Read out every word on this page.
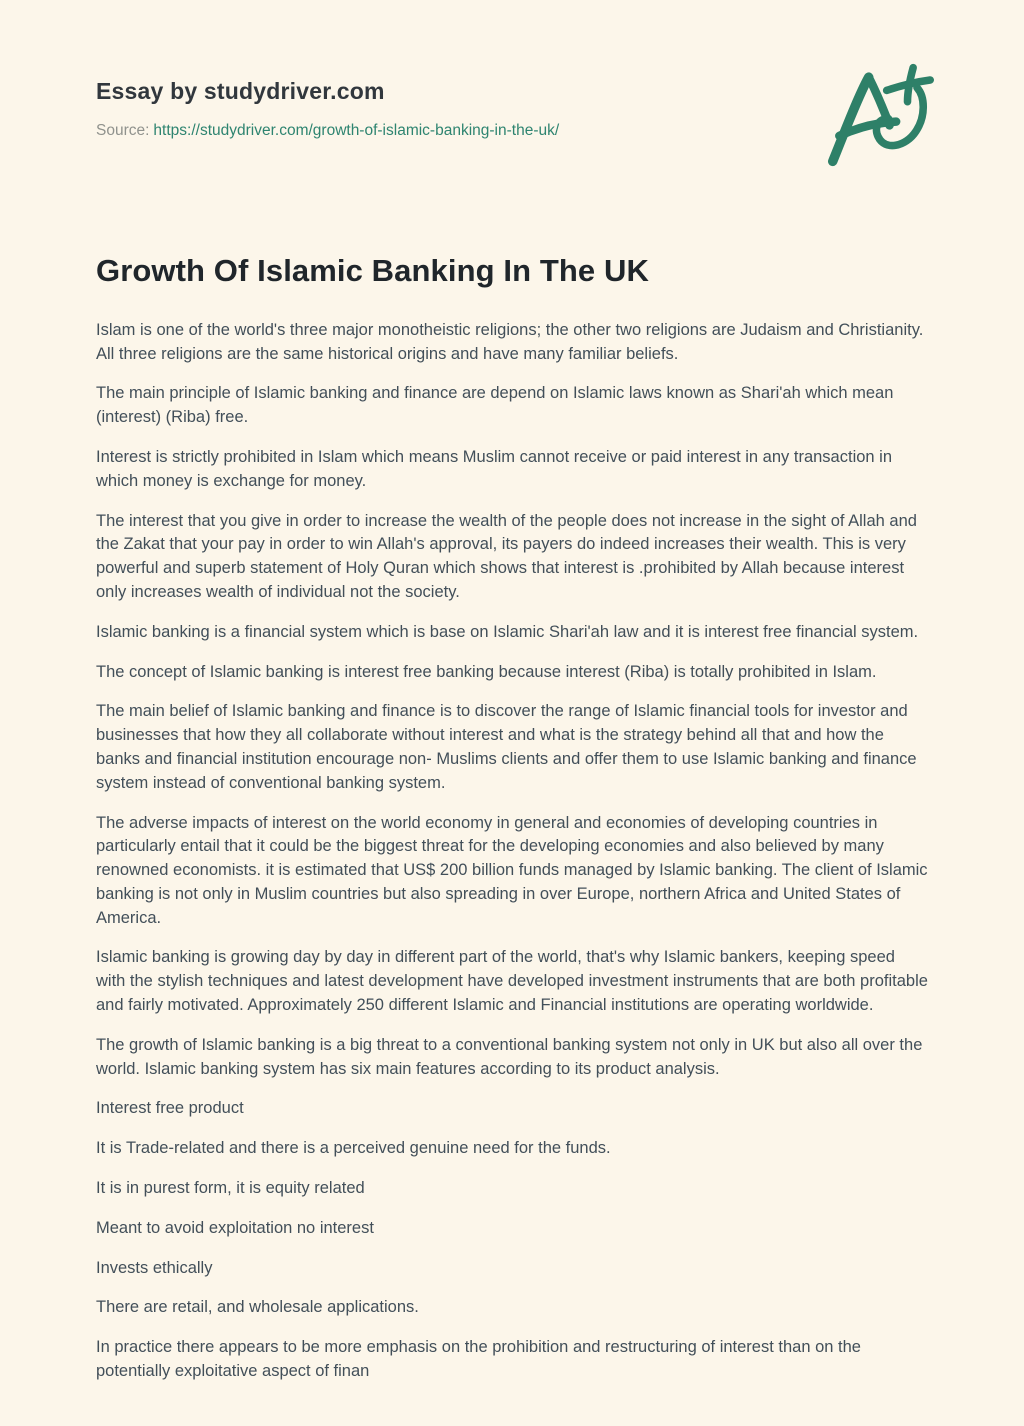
Essay by studydriver.com
Source: https://studydriver.com/growth-of-islamic-banking-in-the-uk/
Growth Of Islamic Banking In The UK

Islam is one of the world's three major monotheistic religions; the other two religions are Judaism and Christianity. All three religions are the same historical origins and have many familiar beliefs.

The main principle of Islamic banking and finance are depend on Islamic laws known as Shari'ah which mean (interest) (Riba) free.

Interest is strictly prohibited in Islam which means Muslim cannot receive or paid interest in any transaction in which money is exchange for money.

The interest that you give in order to increase the wealth of the people does not increase in the sight of Allah and the Zakat that your pay in order to win Allah's approval, its payers do indeed increases their wealth. This is very powerful and superb statement of Holy Quran which shows that interest is .prohibited by Allah because interest only increases wealth of individual not the society.

Islamic banking is a financial system which is base on Islamic Shari'ah law and it is interest free financial system.

The concept of Islamic banking is interest free banking because interest (Riba) is totally prohibited in Islam.

The main belief of Islamic banking and finance is to discover the range of Islamic financial tools for investor and businesses that how they all collaborate without interest and what is the strategy behind all that and how the banks and financial institution encourage non- Muslims clients and offer them to use Islamic banking and finance system instead of conventional banking system.

The adverse impacts of interest on the world economy in general and economies of developing countries in particularly entail that it could be the biggest threat for the developing economies and also believed by many renowned economists. it is estimated that US$ 200 billion funds managed by Islamic banking. The client of Islamic banking is not only in Muslim countries but also spreading in over Europe, northern Africa and United States of America.

Islamic banking is growing day by day in different part of the world, that's why Islamic bankers, keeping speed with the stylish techniques and latest development have developed investment instruments that are both profitable and fairly motivated. Approximately 250 different Islamic and Financial institutions are operating worldwide.

The growth of Islamic banking is a big threat to a conventional banking system not only in UK but also all over the world. Islamic banking system has six main features according to its product analysis.

Interest free product

It is Trade-related and there is a perceived genuine need for the funds.

It is in purest form, it is equity related

Meant to avoid exploitation no interest

Invests ethically

There are retail, and wholesale applications.

In practice there appears to be more emphasis on the prohibition and restructuring of interest than on the potentially exploitative aspect of finan
